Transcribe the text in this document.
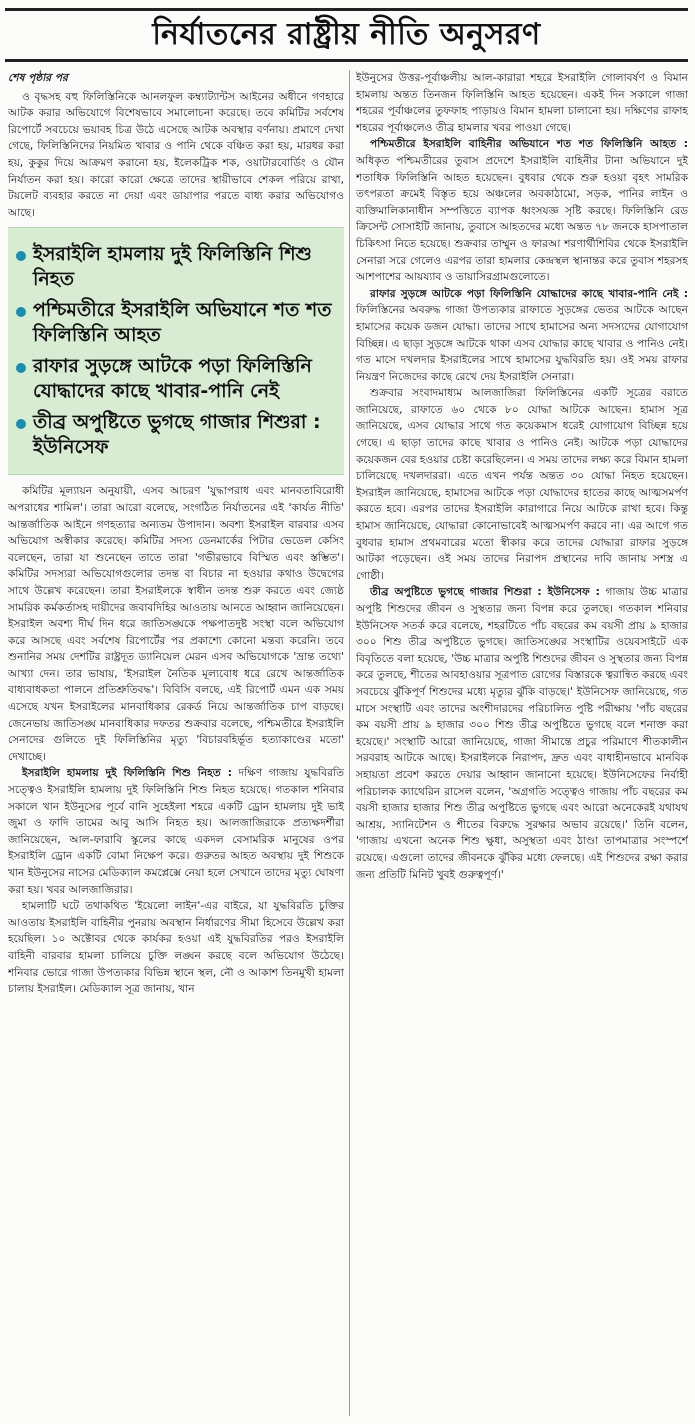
নির্যাতনের রাষ্ট্রীয় নীতি অনুসরণ
শেষ পৃষ্ঠার পর

ও বৃদ্ধসহ বহু ফিলিস্তিনিকে আনলফুল কম্ব্যাট্যান্টস আইনের অধীনে গণহারে আটক করার অভিযোগে বিশেষভাবে সমালোচনা করেছে। তবে কমিটির সর্বশেষ রিপোর্টে সবচেয়ে ভয়াবহ চিত্র উঠে এসেছে আটক অবস্থার বর্ণনায়। প্রমাণে দেখা গেছে, ফিলিস্তিনিদের নিয়মিত খাবার ও পানি থেকে বঞ্চিত করা হয়, মারধর করা হয়, কুকুর দিয়ে আক্রমণ করানো হয়, ইলেকট্রিক শক, ওয়াটারবোর্ডিং ও যৌন নির্যাতন করা হয়। কারো কারো ক্ষেত্রে তাদের স্থায়ীভাবে শেকল পরিয়ে রাখা, টয়লেট ব্যবহার করতে না দেয়া এবং ডায়াপার পরতে বাধ্য করার অভিযোগও আছে।

ইসরাইলি হামলায় দুই ফিলিস্তিনি শিশু নিহত
পশ্চিমতীরে ইসরাইলি অভিযানে শত শত ফিলিস্তিনি আহত
রাফার সুড়ঙ্গে আটকে পড়া ফিলিস্তিনি যোদ্ধাদের কাছে খাবার-পানি নেই
তীব্র অপুষ্টিতে ভুগছে গাজার শিশুরা : ইউনিসেফ

কমিটির মূল্যায়ন অনুযায়ী, এসব আচরণ 'যুদ্ধাপরাধ এবং মানবতাবিরোধী অপরাধের শামিল'। তারা আরো বলেছে, সংগঠিত নির্যাতনের এই 'কার্যত নীতি' আন্তর্জাতিক আইনে গণহত্যার অন্যতম উপাদান। অবশ্য ইসরাইল বারবার এসব অভিযোগ অস্বীকার করেছে। কমিটির সদস্য ডেনমার্কের পিটার ভেডেল কেসিং বলেছেন, তারা যা শুনেছেন তাতে তারা 'গভীরভাবে বিস্মিত এবং স্তম্ভিত'। কমিটির সদস্যরা অভিযোগগুলোর তদন্ত বা বিচার না হওয়ার কথাও উদ্বেগের সাথে উল্লেখ করেছেন। তারা ইসরাইলকে স্বাধীন তদন্ত শুরু করতে এবং জ্যেষ্ঠ সামরিক কর্মকর্তাসহ দায়ীদের জবাবদিহির আওতায় আনতে আহ্বান জানিয়েছেন। ইসরাইল অবশ্য দীর্ঘ দিন ধরে জাতিসঙ্ঘকে পক্ষপাতদুষ্ট সংস্থা বলে অভিযোগ করে আসছে এবং সর্বশেষ রিপোর্টের পর প্রকাশ্যে কোনো মন্তব্য করেনি। তবে শুনানির সময় দেশটির রাষ্ট্রদূত ড্যানিয়েল মেরন এসব অভিযোগকে 'ভ্রান্ত তথ্যে' আখ্যা দেন। তার ভাষায়, 'ইসরাইল নৈতিক মূল্যবোধ ধরে রেখে আন্তর্জাতিক বাধ্যবাধকতা পালনে প্রতিশ্রুতিবদ্ধ'। বিবিসি বলছে, এই রিপোর্ট এমন এক সময় এসেছে যখন ইসরাইলের মানবাধিকার রেকর্ড নিয়ে আন্তর্জাতিক চাপ বাড়ছে। জেনেভায় জাতিসঙ্ঘ মানবাধিকার দফতর শুক্রবার বলেছে, পশ্চিমতীরে ইসরাইলি সেনাদের গুলিতে দুই ফিলিস্তিনির মৃত্যু 'বিচারবহির্ভূত হত্যাকাণ্ডের মতো' দেখাচ্ছে।

ইসরাইলি হামলায় দুই ফিলিস্তিনি শিশু নিহত : দক্ষিণ গাজায় যুদ্ধবিরতি সত্ত্বেও ইসরাইলি হামলায় দুই ফিলিস্তিনি শিশু নিহত হয়েছে। গতকাল শনিবার সকালে খান ইউনুসের পূর্বে বানি সুহেইলা শহরে একটি ড্রোন হামলায় দুই ভাই জুমা ও ফাদি তামের আবু আসি নিহত হয়। আলজাজিরাকে প্রত্যক্ষদর্শীরা জানিয়েছেন, আল-ফারাবি স্কুলের কাছে একদল বেসামরিক মানুষের ওপর ইসরাইলি ড্রোন একটি বোমা নিক্ষেপ করে। গুরুতর আহত অবস্থায় দুই শিশুকে খান ইউনুসের নাসের মেডিক্যাল কমপ্লেক্সে নেয়া হলে সেখানে তাদের মৃত্যু ঘোষণা করা হয়। খবর আলজাজিরার।

হামলাটি ঘটে তথাকথিত 'ইয়েলো লাইন'-এর বাইরে, যা যুদ্ধবিরতি চুক্তির আওতায় ইসরাইলি বাহিনীর পুনরায় অবস্থান নির্ধারণের সীমা হিসেবে উল্লেখ করা হয়েছিল। ১০ অক্টোবর থেকে কার্যকর হওয়া এই যুদ্ধবিরতির পরও ইসরাইলি বাহিনী বারবার হামলা চালিয়ে চুক্তি লঙ্ঘন করছে বলে অভিযোগ উঠেছে। শনিবার ভোরে গাজা উপত্যকার বিভিন্ন স্থানে স্থল, নৌ ও আকাশ তিনমুখী হামলা চালায় ইসরাইল। মেডিক্যাল সূত্র জানায়, খান

ইউনুসের উত্তর-পূর্বাঞ্চলীয় আল-কারারা শহরে ইসরাইলি গোলাবর্ষণ ও বিমান হামলায় অন্তত তিনজন ফিলিস্তিনি আহত হয়েছেন। একই দিন সকালে গাজা শহরের পূর্বাঞ্চলের তুফফাহ পাড়ায়ও বিমান হামলা চালানো হয়। দক্ষিণের রাফাহ শহরের পূর্বাঞ্চলেও তীব্র হামলার খবর পাওয়া গেছে।

পশ্চিমতীরে ইসরাইলি বাহিনীর অভিযানে শত শত ফিলিস্তিনি আহত : অধিকৃত পশ্চিমতীরের তুবাস প্রদেশে ইসরাইলি বাহিনীর টানা অভিযানে দুই শতাধিক ফিলিস্তিনি আহত হয়েছেন। বুধবার থেকে শুরু হওয়া বৃহৎ সামরিক তৎপরতা ক্রমেই বিস্তৃত হয়ে অঞ্চলের অবকাঠামো, সড়ক, পানির লাইন ও ব্যক্তিমালিকানাধীন সম্পত্তিতে ব্যাপক ধ্বংসযজ্ঞ সৃষ্টি করছে। ফিলিস্তিনি রেড ক্রিসেন্ট সোসাইটি জানায়, তুবাসে আহতদের মধ্যে অন্তত ৭৮ জনকে হাসপাতাল চিকিৎসা নিতে হয়েছে। শুক্রবার তাম্মুন ও ফারআ শরণার্থীশিবির থেকে ইসরাইলি সেনারা সরে গেলেও এরপর তারা হামলার কেন্দ্রস্থল স্থানান্তর করে তুবাস শহরসহ আশপাশের আয়য্যাব ও তায়াসিরগ্রামগুলোতে।

রাফার সুড়ঙ্গে আটকে পড়া ফিলিস্তিনি যোদ্ধাদের কাছে খাবার-পানি নেই : ফিলিস্তিনের অবরুদ্ধ গাজা উপত্যকার রাফাতে সুড়ঙ্গের ভেতর আটকে আছেন হামাসের কয়েক ডজন যোদ্ধা। তাদের সাথে হামাসের অন্য সদস্যদের যোগাযোগ বিচ্ছিন্ন। এ ছাড়া সুড়ঙ্গে আটকে থাকা এসব যোদ্ধার কাছে খাবার ও পানিও নেই। গত মাসে দখলদার ইসরাইলের সাথে হামাসের যুদ্ধবিরতি হয়। ওই সময় রাফার নিয়ন্ত্রণ নিজেদের কাছে রেখে দেয় ইসরাইলি সেনারা।

শুক্রবার সংবাদমাধ্যম আলজাজিরা ফিলিস্তিনের একটি সূত্রের বরাতে জানিয়েছে, রাফাতে ৬০ থেকে ৮০ যোদ্ধা আটকে আছেন। হামাস সূত্র জানিয়েছে, এসব যোদ্ধার সাথে গত কয়েকমাস ধরেই যোগাযোগ বিচ্ছিন্ন হয়ে গেছে। এ ছাড়া তাদের কাছে খাবার ও পানিও নেই। আটকে পড়া যোদ্ধাদের কয়েকজন বের হওয়ার চেষ্টা করেছিলেন। এ সময় তাদের লক্ষ্য করে বিমান হামলা চালিয়েছে দখলদাররা। এতে এখন পর্যন্ত অন্তত ৩০ যোদ্ধা নিহত হয়েছেন। ইসরাইল জানিয়েছে, হামাসের আটকে পড়া যোদ্ধাদের হাতের কাছে আত্মসমর্পণ করতে হবে। এরপর তাদের ইসরাইলি কারাগারে নিয়ে আটকে রাখা হবে। কিন্তু হামাস জানিয়েছে, যোদ্ধারা কোনোভাবেই আত্মসমর্পণ করবে না। এর আগে গত বুধবার হামাস প্রথমবারের মতো স্বীকার করে তাদের যোদ্ধারা রাফার সুড়ঙ্গে আটকা পড়েছেন। ওই সময় তাদের নিরাপদ প্রস্থানের দাবি জানায় সশস্ত্র এ গোষ্ঠী।

তীব্র অপুষ্টিতে ভুগছে গাজার শিশুরা : ইউনিসেফ : গাজায় উচ্চ মাত্রার অপুষ্টি শিশুদের জীবন ও সুস্থতার জন্য বিপন্ন করে তুলছে। গতকাল শনিবার ইউনিসেফ সতর্ক করে বলেছে, শহরটিতে পাঁচ বছরের কম বয়সী প্রায় ৯ হাজার ৩০০ শিশু তীব্র অপুষ্টিতে ভুগছে। জাতিসঙ্ঘের সংস্থাটির ওয়েবসাইটে এক বিবৃতিতে বলা হয়েছে, 'উচ্চ মাত্রার অপুষ্টি শিশুদের জীবন ও সুস্থতার জন্য বিপন্ন করে তুলছে, শীতের আবহাওয়ার সূত্রপাত রোগের বিস্তারকে ত্বরান্বিত করছে এবং সবচেয়ে ঝুঁকিপূর্ণ শিশুদের মধ্যে মৃত্যুর ঝুঁকি বাড়ছে।' ইউনিসেফ জানিয়েছে, গত মাসে সংস্থাটি এবং তাদের অংশীদারদের পরিচালিত পুষ্টি পরীক্ষায় 'পাঁচ বছরের কম বয়সী প্রায় ৯ হাজার ৩০০ শিশু তীব্র অপুষ্টিতে ভুগছে বলে শনাক্ত করা হয়েছে।' সংস্থাটি আরো জানিয়েছে, গাজা সীমান্তে প্রচুর পরিমাণে শীতকালীন সরবরাহ আটকে আছে। ইসরাইলকে নিরাপদ, দ্রুত এবং বাধাহীনভাবে মানবিক সহায়তা প্রবেশ করতে দেয়ার আহ্বান জানানো হয়েছে। ইউনিসেফের নির্বাহী পরিচালক ক্যাথেরিন রাসেল বলেন, 'অগ্রগতি সত্ত্বেও গাজায় পাঁচ বছরের কম বয়সী হাজার হাজার শিশু তীব্র অপুষ্টিতে ভুগছে এবং আরো অনেকেরই যথাযথ আশ্রয়, স্যানিটেশন ও শীতের বিরুদ্ধে সুরক্ষার অভাব রয়েছে।' তিনি বলেন, 'গাজায় এখনো অনেক শিশু ক্ষুধা, অসুস্থতা এবং ঠাণ্ডা তাপমাত্রার সংস্পর্শে রয়েছে। এগুলো তাদের জীবনকে ঝুঁকির মধ্যে ফেলছে। এই শিশুদের রক্ষা করার জন্য প্রতিটি মিনিট খুবই গুরুত্বপূর্ণ।'
